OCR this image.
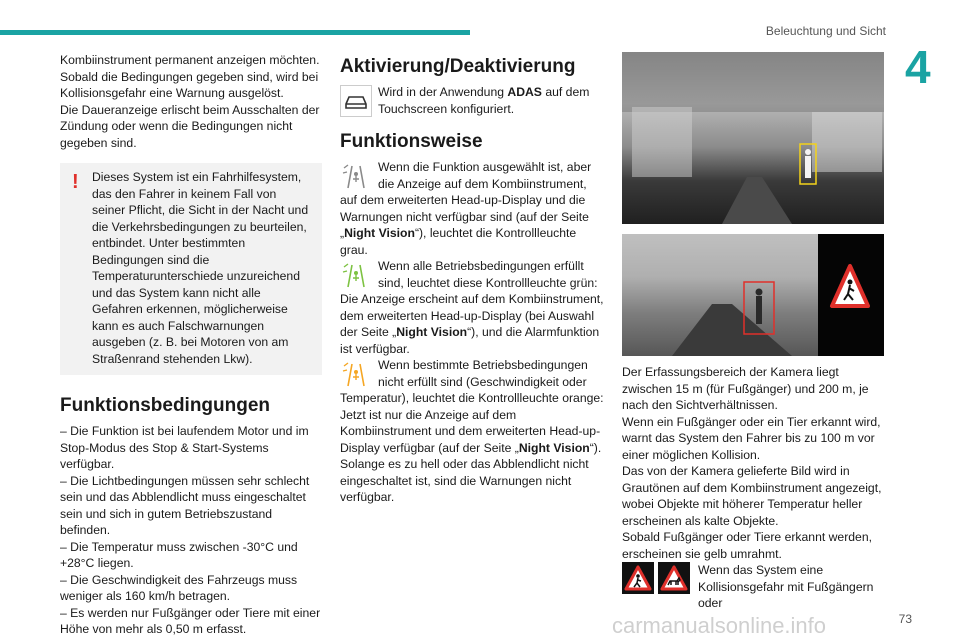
Beleuchtung und Sicht
4

Kombiinstrument permanent anzeigen möchten.

Sobald die Bedingungen gegeben sind, wird bei Kollisionsgefahr eine Warnung ausgelöst.

Die Daueranzeige erlischt beim Ausschalten der Zündung oder wenn die Bedingungen nicht gegeben sind.

!	Dieses System ist ein Fahrhilfesystem, das den Fahrer in keinem Fall von seiner Pflicht, die Sicht in der Nacht und die Verkehrsbedingungen zu beurteilen, entbindet. Unter bestimmten Bedingungen sind die Temperaturunterschiede unzureichend und das System kann nicht alle Gefahren erkennen, möglicherweise kann es auch Falschwarnungen ausgeben (z. B. bei Motoren von am Straßenrand stehenden Lkw).

Funktionsbedingungen

– Die Funktion ist bei laufendem Motor und im Stop-Modus des Stop & Start-Systems verfügbar.

– Die Lichtbedingungen müssen sehr schlecht sein und das Abblendlicht muss eingeschaltet sein und sich in gutem Betriebszustand befinden.

– Die Temperatur muss zwischen -30°C und +28°C liegen.

– Die Geschwindigkeit des Fahrzeugs muss weniger als 160 km/h betragen.

– Es werden nur Fußgänger oder Tiere mit einer Höhe von mehr als 0,50 m erfasst.

Aktivierung/Deaktivierung

Wird in der Anwendung ADAS auf dem Touchscreen konfiguriert.

Funktionsweise

Wenn die Funktion ausgewählt ist, aber die Anzeige auf dem Kombiinstrument, auf dem erweiterten Head-up-Display und die Warnungen nicht verfügbar sind (auf der Seite „Night Vision“), leuchtet die Kontrollleuchte grau.

Wenn alle Betriebsbedingungen erfüllt sind, leuchtet diese Kontrollleuchte grün: Die Anzeige erscheint auf dem Kombiinstrument, dem erweiterten Head-up-Display (bei Auswahl der Seite „Night Vision“), und die Alarmfunktion ist verfügbar.

Wenn bestimmte Betriebsbedingungen nicht erfüllt sind (Geschwindigkeit oder Temperatur), leuchtet die Kontrollleuchte orange: Jetzt ist nur die Anzeige auf dem Kombiinstrument und dem erweiterten Head-up-Display verfügbar (auf der Seite „Night Vision“).

Solange es zu hell oder das Abblendlicht nicht eingeschaltet ist, sind die Warnungen nicht verfügbar.

Der Erfassungsbereich der Kamera liegt zwischen 15 m (für Fußgänger) und 200 m, je nach den Sichtverhältnissen.

Wenn ein Fußgänger oder ein Tier erkannt wird, warnt das System den Fahrer bis zu 100 m vor einer möglichen Kollision.

Das von der Kamera gelieferte Bild wird in Grautönen auf dem Kombiinstrument angezeigt, wobei Objekte mit höherer Temperatur heller erscheinen als kalte Objekte.

Sobald Fußgänger oder Tiere erkannt werden, erscheinen sie gelb umrahmt.

Wenn das System eine Kollisionsgefahr mit Fußgängern oder

carmanualsonline.info	73
